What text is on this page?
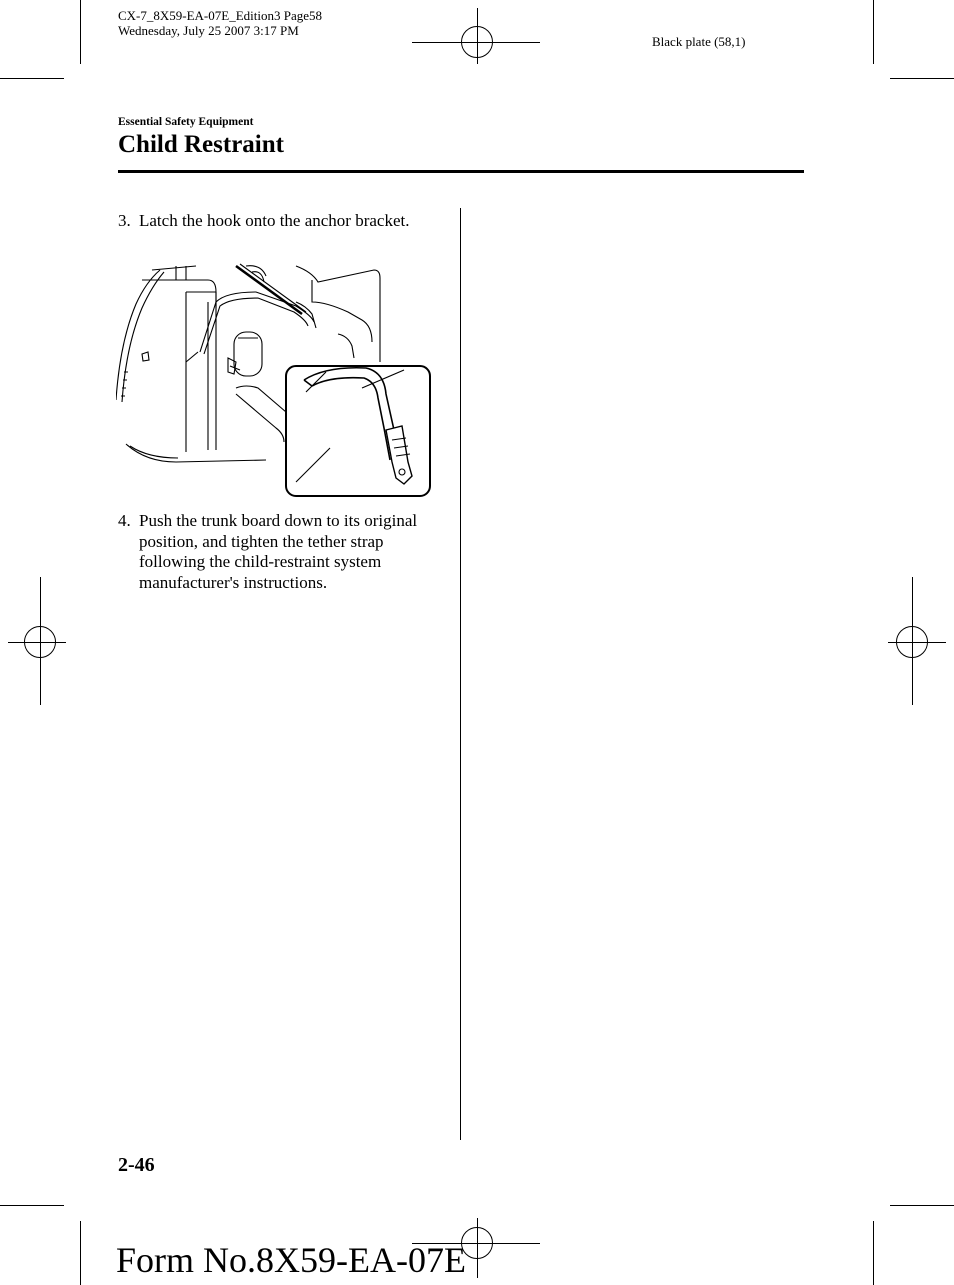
CX-7_8X59-EA-07E_Edition3 Page58
Wednesday, July 25 2007 3:17 PM
Black plate (58,1)
Essential Safety Equipment
Child Restraint
3. Latch the hook onto the anchor bracket.
4. Push the trunk board down to its original position, and tighten the tether strap following the child-restraint system manufacturer's instructions.
2-46
Form No.8X59-EA-07E
